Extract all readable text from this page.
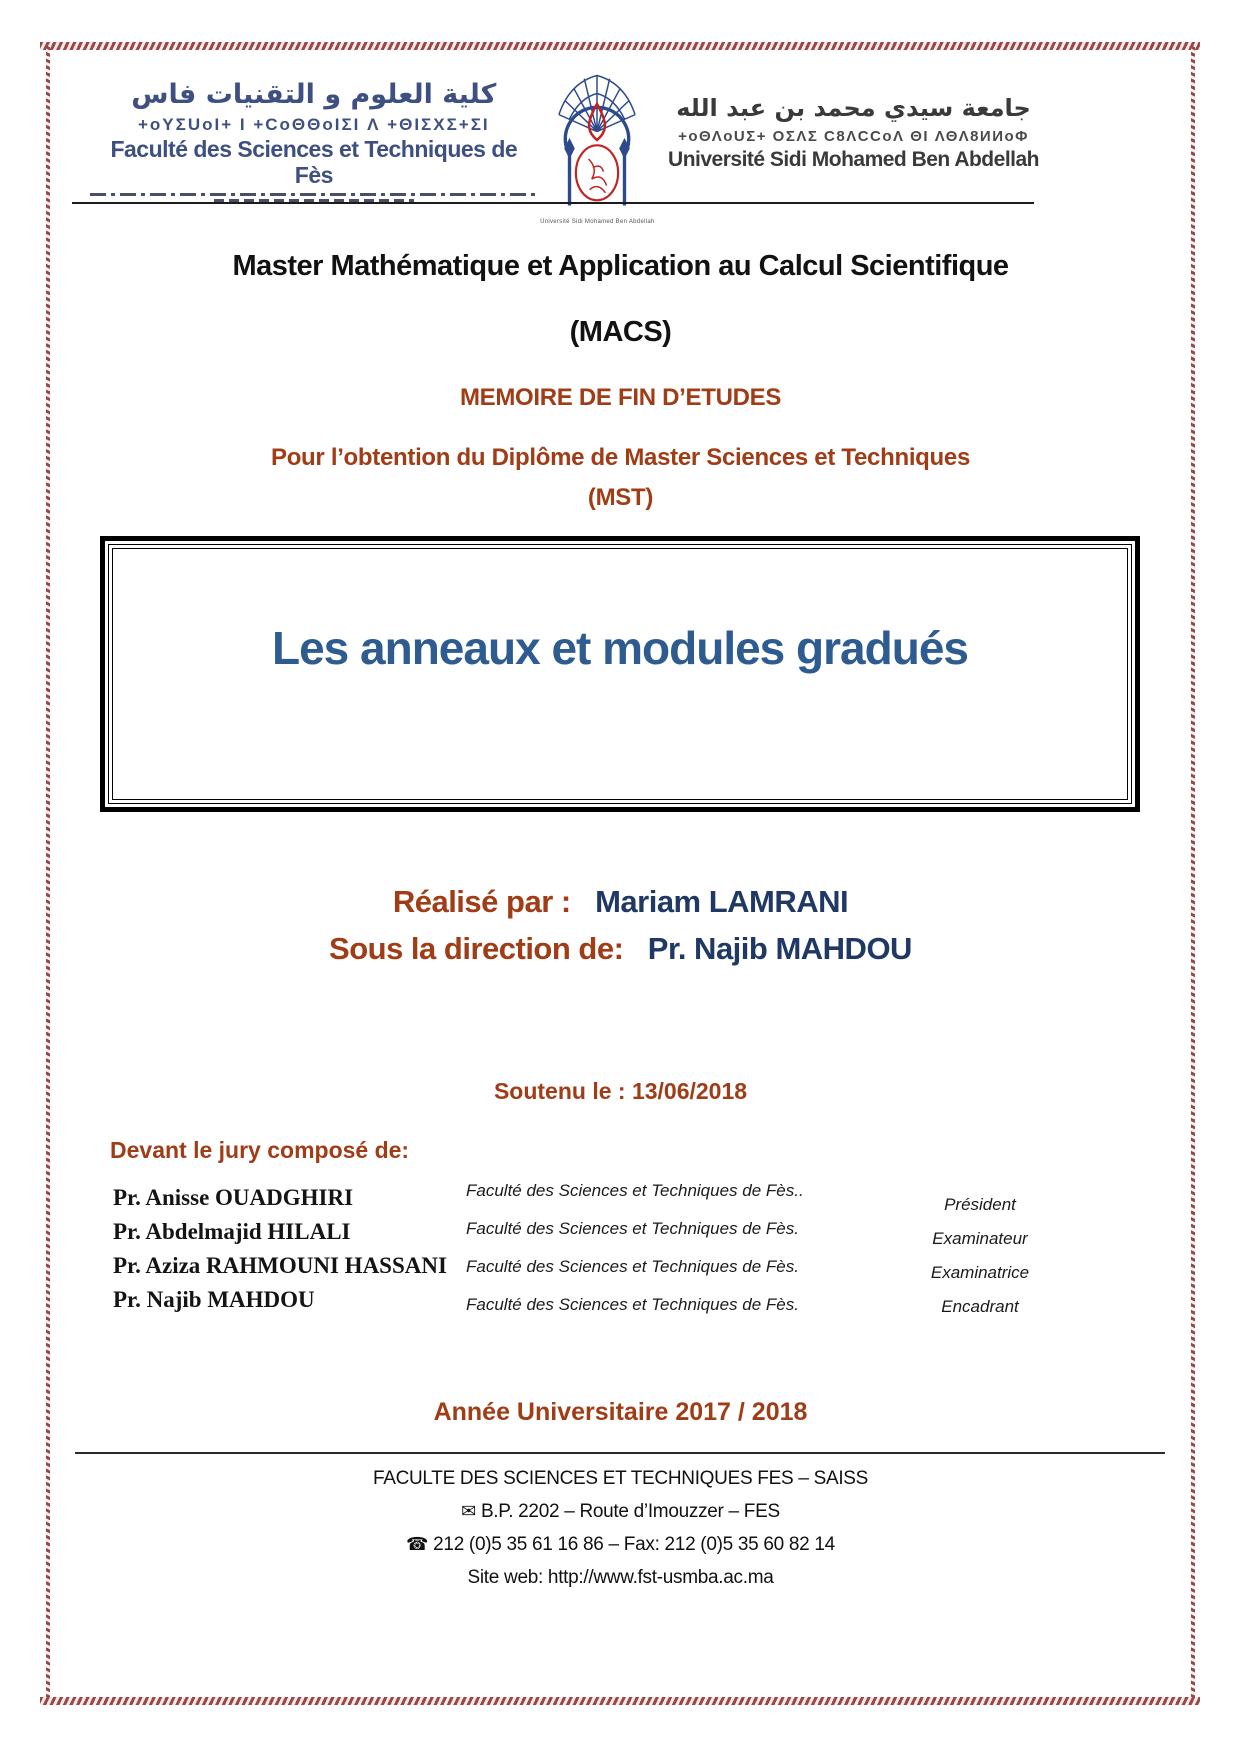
كلية العلوم و التقنيات فاس
+oYΣUoI+ I +CoΘΘoIΣI Λ +ΘIΣXΣ+ΣI
Faculté des Sciences et Techniques de Fès
Université Sidi Mohamed Ben Abdellah
جامعة سيدي محمد بن عبد الله
+oΘΛoUΣ+ ΟΣΛΣ C8ΛCCoΛ ΘI ΛΘΛ8ИИoΦ
Université Sidi Mohamed Ben Abdellah
Master Mathématique et Application au Calcul Scientifique
(MACS)
MEMOIRE DE FIN D’ETUDES
Pour l’obtention du Diplôme de Master Sciences et Techniques
(MST)
Les anneaux et modules gradués
Réalisé par : Mariam LAMRANI
Sous la direction de: Pr. Najib MAHDOU
Soutenu le : 13/06/2018
Devant le jury composé de:
Pr. Anisse OUADGHIRI
Pr. Abdelmajid HILALI
Pr. Aziza RAHMOUNI HASSANI
Pr. Najib MAHDOU
Faculté des Sciences et Techniques de Fès..
Faculté des Sciences et Techniques de Fès.
Faculté des Sciences et Techniques de Fès.
Faculté des Sciences et Techniques de Fès.
Président
Examinateur
Examinatrice
Encadrant
Année Universitaire 2017 / 2018
FACULTE DES SCIENCES ET TECHNIQUES FES – SAISS
✉ B.P. 2202 – Route d’Imouzzer – FES
☎ 212 (0)5 35 61 16 86 – Fax: 212 (0)5 35 60 82 14
Site web: http://www.fst-usmba.ac.ma
